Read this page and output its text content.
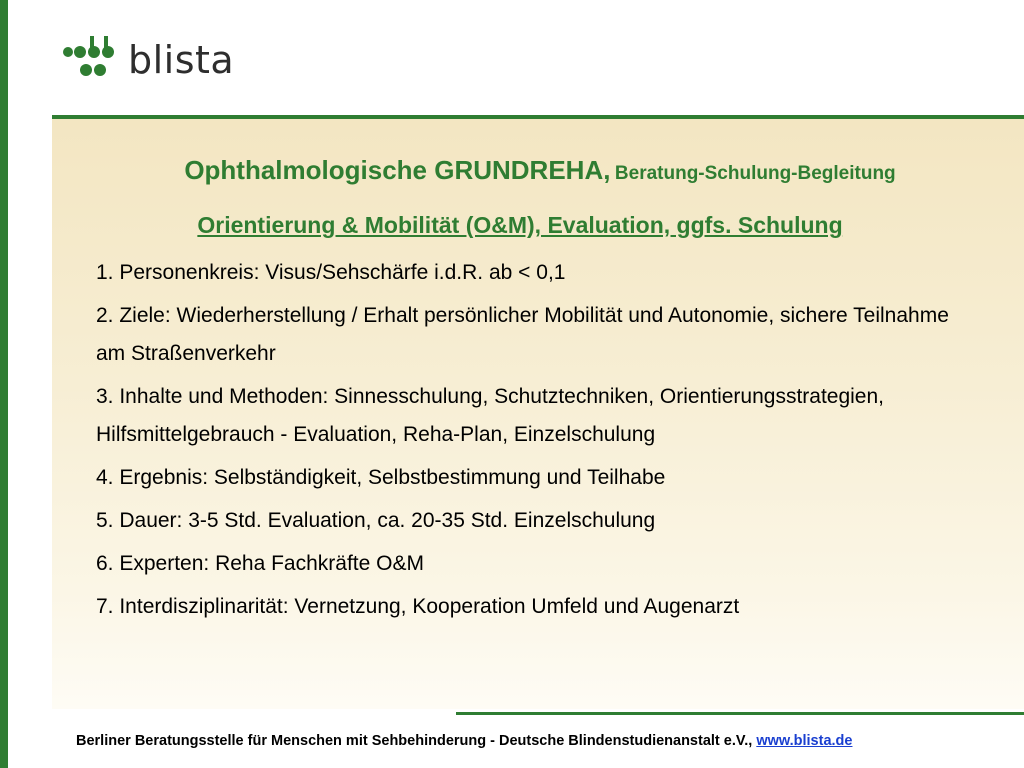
blista
Ophthalmologische GRUNDREHA, Beratung-Schulung-Begleitung
Orientierung & Mobilität (O&M), Evaluation, ggfs. Schulung
1. Personenkreis: Visus/Sehschärfe i.d.R. ab < 0,1
2. Ziele: Wiederherstellung / Erhalt persönlicher Mobilität und Autonomie, sichere Teilnahme am Straßenverkehr
3. Inhalte und Methoden: Sinnesschulung, Schutztechniken, Orientierungsstrategien, Hilfsmittelgebrauch - Evaluation, Reha-Plan, Einzelschulung
4. Ergebnis: Selbständigkeit, Selbstbestimmung und Teilhabe
5. Dauer: 3-5 Std. Evaluation, ca. 20-35 Std. Einzelschulung
6. Experten: Reha Fachkräfte O&M
7. Interdisziplinarität: Vernetzung, Kooperation Umfeld und Augenarzt
Berliner Beratungsstelle für Menschen mit Sehbehinderung - Deutsche Blindenstudienanstalt e.V., www.blista.de
